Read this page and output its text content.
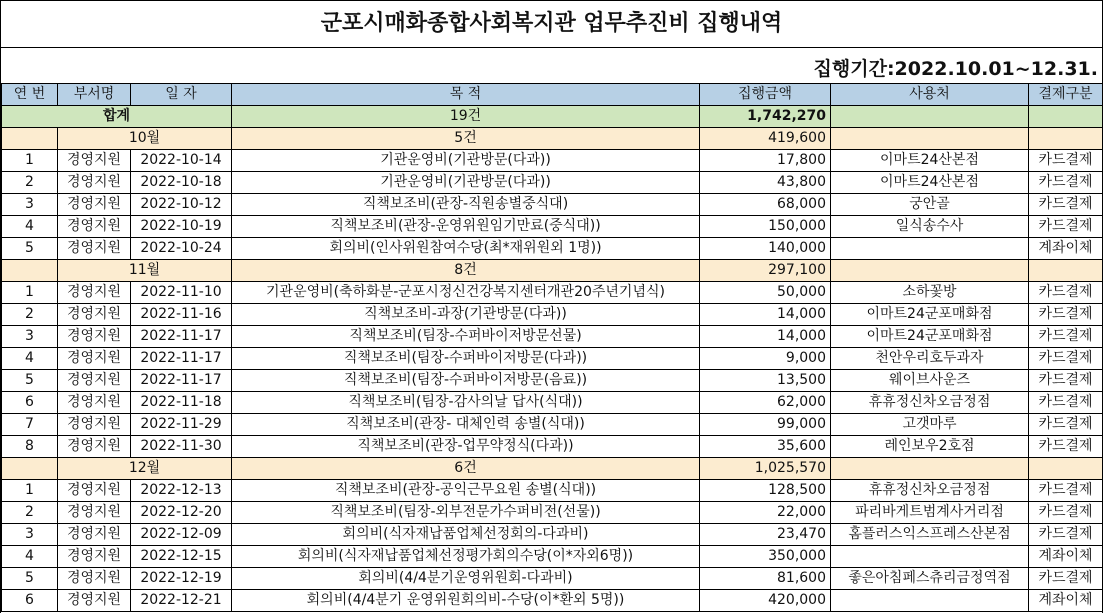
군포시매화종합사회복지관 업무추진비 집행내역
집행기간:2022.10.01~12.31.
연 번	부서명	일 자	목 적	집행금액	사용처	결제구분
합계			19건	1,742,270		
	10월		5건	419,600		
1	경영지원	2022-10-14	기관운영비(기관방문(다과))	17,800	이마트24산본점	카드결제
2	경영지원	2022-10-18	기관운영비(기관방문(다과))	43,800	이마트24산본점	카드결제
3	경영지원	2022-10-12	직책보조비(관장-직원송별중식대)	68,000	궁안골	카드결제
4	경영지원	2022-10-19	직책보조비(관장-운영위원임기만료(중식대))	150,000	일식송수사	카드결제
5	경영지원	2022-10-24	회의비(인사위원참여수당(최*재위원외 1명))	140,000		계좌이체
	11월		8건	297,100		
1	경영지원	2022-11-10	기관운영비(축하화분-군포시정신건강복지센터개관20주년기념식)	50,000	소하꽃방	카드결제
2	경영지원	2022-11-16	직책보조비-과장(기관방문(다과))	14,000	이마트24군포매화점	카드결제
3	경영지원	2022-11-17	직책보조비(팀장-수퍼바이저방문선물)	14,000	이마트24군포매화점	카드결제
4	경영지원	2022-11-17	직책보조비(팀장-수퍼바이저방문(다과))	9,000	천안우리호두과자	카드결제
5	경영지원	2022-11-17	직책보조비(팀장-수퍼바이저방문(음료))	13,500	웨이브사운즈	카드결제
6	경영지원	2022-11-18	직책보조비(팀장-감사의날 답사(식대))	62,000	휴휴정신차오금정점	카드결제
7	경영지원	2022-11-29	직책보조비(관장- 대체인력 송별(식대))	99,000	고갯마루	카드결제
8	경영지원	2022-11-30	직책보조비(관장-업무약정식(다과))	35,600	레인보우2호점	카드결제
	12월		6건	1,025,570		
1	경영지원	2022-12-13	직책보조비(관장-공익근무요원 송별(식대))	128,500	휴휴정신차오금정점	카드결제
2	경영지원	2022-12-20	직책보조비(팀장-외부전문가수퍼비전(선물))	22,000	파리바게트범계사거리점	카드결제
3	경영지원	2022-12-09	회의비(식자재납품업체선정회의-다과비)	23,470	홈플러스익스프레스산본점	카드결제
4	경영지원	2022-12-15	회의비(식자재납품업체선정평가회의수당(이*자외6명))	350,000		계좌이체
5	경영지원	2022-12-19	회의비(4/4분기운영위원회-다과비)	81,600	좋은아침페스츄리금정역점	카드결제
6	경영지원	2022-12-21	회의비(4/4분기 운영위원회의비-수당(이*환외 5명))	420,000		계좌이체
